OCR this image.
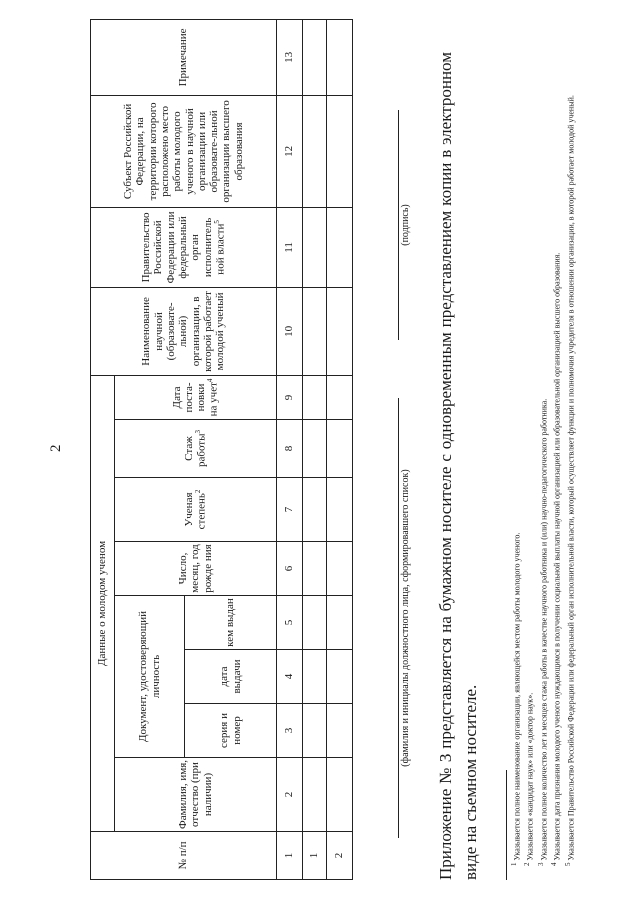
2
№ п/п	Данные о молодом ученом								Наименование научной (образовате-льной) организации, в которой работает молодой ученый	Правительство Российской Федерации или федеральный орган исполнитель ной власти$^5$	Субъект Российской Федерации, на территории которого расположено место работы молодого ученого в научной организации или образовате-льной организации высшего образования	Примечание
	Фамилия, имя, отчество (при наличии)	Документ, удостоверяющий личность			Число, месяц, год рожде ния	Ученая степень$^2$	Стаж работы$^3$	Дата поста-новки на учет$^4$

		серия и номер	дата выдачи	кем выдан								
1	2	3	4	5	6	7	8	9	10	11	12	13
1												
2												
(фамилия и инициалы должностного лица, сформировавшего список)
(подпись) Приложение № 3 представляется на бумажном носителе с одновременным представлением копии в электронном виде на съемном носителе.	1 Указывается полное наименование организации, являющейся местом работы молодого ученого.

2 Указывается «кандидат наук» или «доктор наук».

3 Указывается полное количество лет и месяцев стажа работы в качестве научного работника и (или) научно-педагогического работника.

4 Указывается дата признания молодого ученого нуждающимся в получении социальной выплаты научной организацией или образовательной организацией высшего образования.

5 Указывается Правительство Российской Федерации или федеральный орган исполнительной власти, который осуществляет функции и полномочия учредителя в отношении организации, в которой работает молодой ученый.
